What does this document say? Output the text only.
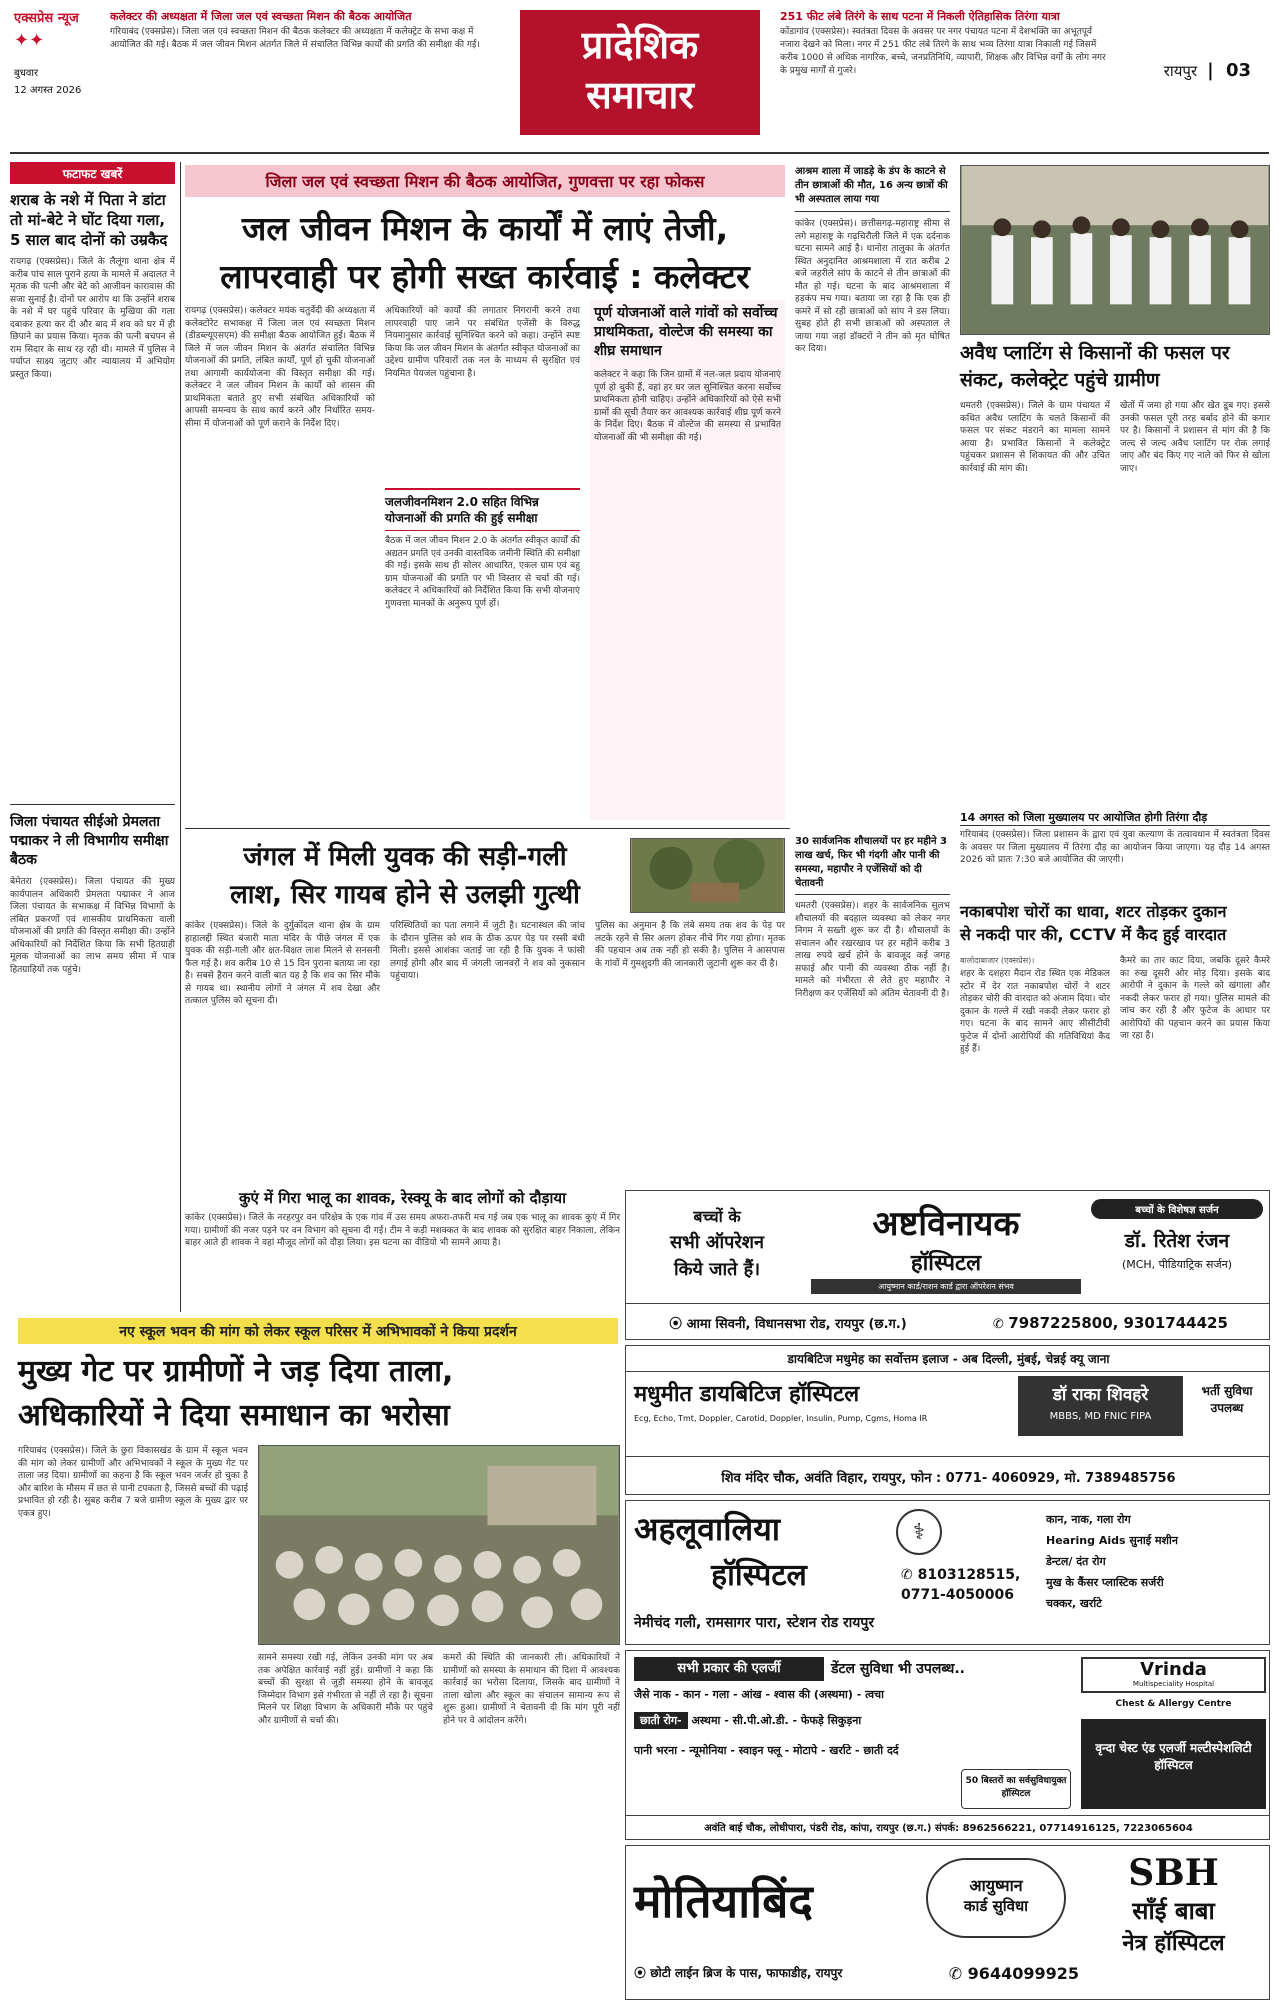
एक्सप्रेस न्यूज
✦✦
बुधवार
12 अगस्त 2026
कलेक्टर की अध्यक्षता में जिला जल एवं स्वच्छता मिशन की बैठक आयोजित
गरियाबंद (एक्सप्रेस)। जिला जल एवं स्वच्छता मिशन की बैठक कलेक्टर की अध्यक्षता में कलेक्ट्रेट के सभा कक्ष में आयोजित की गई। बैठक में जल जीवन मिशन अंतर्गत जिले में संचालित विभिन्न कार्यों की प्रगति की समीक्षा की गई।	प्रादेशिक
समाचार
251 फीट लंबे तिरंगे के साथ पटना में निकली ऐतिहासिक तिरंगा यात्रा
कोंडागांव (एक्सप्रेस)। स्वतंत्रता दिवस के अवसर पर नगर पंचायत पटना में देशभक्ति का अभूतपूर्व नजारा देखने को मिला। नगर में 251 फीट लंबे तिरंगे के साथ भव्य तिरंगा यात्रा निकाली गई जिसमें करीब 1000 से अधिक नागरिक, बच्चे, जनप्रतिनिधि, व्यापारी, शिक्षक और विभिन्न वर्गों के लोग नगर के प्रमुख मार्गों से गुजरे।	रायपुर | 03
फटाफट खबरें
शराब के नशे में पिता ने डांटा तो मां-बेटे ने घोंट दिया गला, 5 साल बाद दोनों को उम्रकैद
रायगढ़ (एक्सप्रेस)। जिले के लैलूंगा थाना क्षेत्र में करीब पांच साल पुराने हत्या के मामले में अदालत ने मृतक की पत्नी और बेटे को आजीवन कारावास की सजा सुनाई है। दोनों पर आरोप था कि उन्होंने शराब के नशे में घर पहुंचे परिवार के मुखिया की गला दबाकर हत्या कर दी और बाद में शव को घर में ही छिपाने का प्रयास किया। मृतक की पत्नी बचपन से राम सिदार के साथ रह रही थी। मामले में पुलिस ने पर्याप्त साक्ष्य जुटाए और न्यायालय में अभियोग प्रस्तुत किया।
जिला पंचायत सीईओ प्रेमलता पद्माकर ने ली विभागीय समीक्षा बैठक
बेमेतरा (एक्सप्रेस)। जिला पंचायत की मुख्य कार्यपालन अधिकारी प्रेमलता पद्माकर ने आज जिला पंचायत के सभाकक्ष में विभिन्न विभागों के लंबित प्रकरणों एवं शासकीय प्राथमिकता वाली योजनाओं की प्रगति की विस्तृत समीक्षा की। उन्होंने अधिकारियों को निर्देशित किया कि सभी हितग्राही मूलक योजनाओं का लाभ समय सीमा में पात्र हितग्राहियों तक पहुंचे।
जिला जल एवं स्वच्छता मिशन की बैठक आयोजित, गुणवत्ता पर रहा फोकस
जल जीवन मिशन के कार्यों में लाएं तेजी,
लापरवाही पर होगी सख्त कार्रवाई : कलेक्टर
रायगढ़ (एक्सप्रेस)। कलेक्टर मयंक चतुर्वेदी की अध्यक्षता में कलेक्टोरेट सभाकक्ष में जिला जल एवं स्वच्छता मिशन (डीडब्ल्यूएसएम) की समीक्षा बैठक आयोजित हुई। बैठक में जिले में जल जीवन मिशन के अंतर्गत संचालित विभिन्न योजनाओं की प्रगति, लंबित कार्यों, पूर्ण हो चुकी योजनाओं तथा आगामी कार्ययोजना की विस्तृत समीक्षा की गई। कलेक्टर ने जल जीवन मिशन के कार्यों को शासन की प्राथमिकता बताते हुए सभी संबंधित अधिकारियों को आपसी समन्वय के साथ कार्य करने और निर्धारित समय-सीमा में योजनाओं को पूर्ण कराने के निर्देश दिए।
अधिकारियों को कार्यों की लगातार निगरानी करने तथा लापरवाही पाए जाने पर संबंधित एजेंसी के विरुद्ध नियमानुसार कार्रवाई सुनिश्चित करने को कहा। उन्होंने स्पष्ट किया कि जल जीवन मिशन के अंतर्गत स्वीकृत योजनाओं का उद्देश्य ग्रामीण परिवारों तक नल के माध्यम से सुरक्षित एवं नियमित पेयजल पहुंचाना है।
जलजीवनमिशन 2.0 सहित विभिन्न योजनाओं की प्रगति की हुई समीक्षा
बैठक में जल जीवन मिशन 2.0 के अंतर्गत स्वीकृत कार्यों की अद्यतन प्रगति एवं उनकी वास्तविक जमीनी स्थिति की समीक्षा की गई। इसके साथ ही सोलर आधारित, एकल ग्राम एवं बहु ग्राम योजनाओं की प्रगति पर भी विस्तार से चर्चा की गई। कलेक्टर ने अधिकारियों को निर्देशित किया कि सभी योजनाएं गुणवत्ता मानकों के अनुरूप पूर्ण हों।
पूर्ण योजनाओं वाले गांवों को सर्वोच्च प्राथमिकता, वोल्टेज की समस्या का शीघ्र समाधान
कलेक्टर ने कहा कि जिन ग्रामों में नल-जल प्रदाय योजनाएं पूर्ण हो चुकी हैं, वहां हर घर जल सुनिश्चित करना सर्वोच्च प्राथमिकता होनी चाहिए। उन्होंने अधिकारियों को ऐसे सभी ग्रामों की सूची तैयार कर आवश्यक कार्रवाई शीघ्र पूर्ण करने के निर्देश दिए। बैठक में वोल्टेज की समस्या से प्रभावित योजनाओं की भी समीक्षा की गई।
आश्रम शाला में जाडड़े के डंप के काटने से तीन छात्राओं की मौत, 16 अन्य छात्रों की भी अस्पताल लाया गया
कांकेर (एक्सप्रेस)। छत्तीसगढ़-महाराष्ट्र सीमा से लगे महाराष्ट्र के गढ़चिरौली जिले में एक दर्दनाक घटना सामने आई है। धानोरा तालुका के अंतर्गत स्थित अनुदानित आश्रमशाला में रात करीब 2 बजे जहरीले सांप के काटने से तीन छात्राओं की मौत हो गई। घटना के बाद आश्रमशाला में हड़कंप मच गया। बताया जा रहा है कि एक ही कमरे में सो रही छात्राओं को सांप ने डस लिया। सुबह होते ही सभी छात्राओं को अस्पताल ले जाया गया जहां डॉक्टरों ने तीन को मृत घोषित कर दिया।	अवैध प्लाटिंग से किसानों की फसल पर संकट, कलेक्ट्रेट पहुंचे ग्रामीण
धमतरी (एक्सप्रेस)। जिले के ग्राम पंचायत में कथित अवैध प्लाटिंग के चलते किसानों की फसल पर संकट मंडराने का मामला सामने आया है। प्रभावित किसानों ने कलेक्ट्रेट पहुंचकर प्रशासन से शिकायत की और उचित कार्रवाई की मांग की।
खेतों में जमा हो गया और खेत डूब गए। इससे उनकी फसल पूरी तरह बर्बाद होने की कगार पर है। किसानों ने प्रशासन से मांग की है कि जल्द से जल्द अवैध प्लाटिंग पर रोक लगाई जाए और बंद किए गए नाले को फिर से खोला जाए।
14 अगस्त को जिला मुख्यालय पर आयोजित होगी तिरंगा दौड़
गरियाबंद (एक्सप्रेस)। जिला प्रशासन के द्वारा एवं युवा कल्याण के तत्वावधान में स्वतंत्रता दिवस के अवसर पर जिला मुख्यालय में तिरंगा दौड़ का आयोजन किया जाएगा। यह दौड़ 14 अगस्त 2026 को प्रातः 7:30 बजे आयोजित की जाएगी।
जंगल में मिली युवक की सड़ी-गली
लाश, सिर गायब होने से उलझी गुत्थी
कांकेर (एक्सप्रेस)। जिले के दुर्गुकोंदल थाना क्षेत्र के ग्राम हाहालद्दी स्थित बंजारी माता मंदिर के पीछे जंगल में एक युवक की सड़ी-गली और क्षत-विक्षत लाश मिलने से सनसनी फैल गई है। शव करीब 10 से 15 दिन पुराना बताया जा रहा है। सबसे हैरान करने वाली बात यह है कि शव का सिर मौके से गायब था। स्थानीय लोगों ने जंगल में शव देखा और तत्काल पुलिस को सूचना दी।
परिस्थितियों का पता लगाने में जुटी है। घटनास्थल की जांच के दौरान पुलिस को शव के ठीक ऊपर पेड़ पर रस्सी बंधी मिली। इससे आशंका जताई जा रही है कि युवक ने फांसी लगाई होगी और बाद में जंगली जानवरों ने शव को नुकसान पहुंचाया।
पुलिस का अनुमान है कि लंबे समय तक शव के पेड़ पर लटके रहने से सिर अलग होकर नीचे गिर गया होगा। मृतक की पहचान अब तक नहीं हो सकी है। पुलिस ने आसपास के गांवों में गुमशुदगी की जानकारी जुटानी शुरू कर दी है।
30 सार्वजनिक शौचालयों पर हर महीने 3 लाख खर्च, फिर भी गंदगी और पानी की समस्या, महापौर ने एजेंसियों को दी चेतावनी
धमतरी (एक्सप्रेस)। शहर के सार्वजनिक सुलभ शौचालयों की बदहाल व्यवस्था को लेकर नगर निगम ने सख्ती शुरू कर दी है। शौचालयों के संचालन और रखरखाव पर हर महीने करीब 3 लाख रुपये खर्च होने के बावजूद कई जगह सफाई और पानी की व्यवस्था ठीक नहीं है। मामले को गंभीरता से लेते हुए महापौर ने निरीक्षण कर एजेंसियों को अंतिम चेतावनी दी है।
नकाबपोश चोरों का धावा, शटर तोड़कर दुकान
से नकदी पार की, CCTV में कैद हुई वारदात
बालोदाबाजार (एक्सप्रेस)।
शहर के दशहरा मैदान रोड स्थित एक मेडिकल स्टोर में देर रात नकाबपोश चोरों ने शटर तोड़कर चोरी की वारदात को अंजाम दिया। चोर दुकान के गल्ले में रखी नकदी लेकर फरार हो गए। घटना के बाद सामने आए सीसीटीवी फुटेज में दोनों आरोपियों की गतिविधियां कैद हुई हैं।
कैमरे का तार काट दिया, जबकि दूसरे कैमरे का रुख दूसरी ओर मोड़ दिया। इसके बाद आरोपी ने दुकान के गल्ले को खंगाला और नकदी लेकर फरार हो गया। पुलिस मामले की जांच कर रही है और फुटेज के आधार पर आरोपियों की पहचान करने का प्रयास किया जा रहा है।
कुएं में गिरा भालू का शावक, रेस्क्यू के बाद लोगों को दौड़ाया
कांकेर (एक्सप्रेस)। जिले के नरहरपुर वन परिक्षेत्र के एक गांव में उस समय अफरा-तफरी मच गई जब एक भालू का शावक कुएं में गिर गया। ग्रामीणों की नजर पड़ने पर वन विभाग को सूचना दी गई। टीम ने कड़ी मशक्कत के बाद शावक को सुरक्षित बाहर निकाला, लेकिन बाहर आते ही शावक ने वहां मौजूद लोगों को दौड़ा लिया। इस घटना का वीडियो भी सामने आया है।
बच्चों के
सभी ऑपरेशन
किये जाते हैं।
अष्टविनायक
हॉस्पिटल
आयुष्मान कार्ड/राशन कार्ड द्वारा ऑपरेशन संभव
बच्चों के विशेषज्ञ सर्जन
डॉ. रितेश रंजन
(MCH, पीडियाट्रिक सर्जन)
⦿ आमा सिवनी, विधानसभा रोड, रायपुर (छ.ग.)	✆ 7987225800, 9301744425
नए स्कूल भवन की मांग को लेकर स्कूल परिसर में अभिभावकों ने किया प्रदर्शन
मुख्य गेट पर ग्रामीणों ने जड़ दिया ताला,
अधिकारियों ने दिया समाधान का भरोसा
गरियाबंद (एक्सप्रेस)। जिले के छुरा विकासखंड के ग्राम में स्कूल भवन की मांग को लेकर ग्रामीणों और अभिभावकों ने स्कूल के मुख्य गेट पर ताला जड़ दिया। ग्रामीणों का कहना है कि स्कूल भवन जर्जर हो चुका है और बारिश के मौसम में छत से पानी टपकता है, जिससे बच्चों की पढ़ाई प्रभावित हो रही है। सुबह करीब 7 बजे ग्रामीण स्कूल के मुख्य द्वार पर एकत्र हुए।
सामने समस्या रखी गई, लेकिन उनकी मांग पर अब तक अपेक्षित कार्रवाई नहीं हुई। ग्रामीणों ने कहा कि बच्चों की सुरक्षा से जुड़ी समस्या होने के बावजूद जिम्मेदार विभाग इसे गंभीरता से नहीं ले रहा है। सूचना मिलने पर शिक्षा विभाग के अधिकारी मौके पर पहुंचे और ग्रामीणों से चर्चा की।
कमरों की स्थिति की जानकारी ली। अधिकारियों ने ग्रामीणों को समस्या के समाधान की दिशा में आवश्यक कार्रवाई का भरोसा दिलाया, जिसके बाद ग्रामीणों ने ताला खोला और स्कूल का संचालन सामान्य रूप से शुरू हुआ। ग्रामीणों ने चेतावनी दी कि मांग पूरी नहीं होने पर वे आंदोलन करेंगे।
डायबिटिज मधुमेह का सर्वोत्तम इलाज - अब दिल्ली, मुंबई, चेन्नई क्यू जाना
मधुमीत डायबिटिज हॉस्पिटल
Ecg, Echo, Tmt, Doppler, Carotid, Doppler, Insulin, Pump, Cgms, Homa IR
डॉ राका शिवहरे
MBBS, MD FNIC FIPA
भर्ती सुविधा उपलब्ध
शिव मंदिर चौक, अवंति विहार, रायपुर, फोन : 0771- 4060929, मो. 7389485756
अहलूवालिया
हॉस्पिटल
⚕
✆ 8103128515,
0771-4050006
कान, नाक, गला रोग
Hearing Aids सुनाई मशीन
डेन्टल/ दंत रोग
मुख के कैंसर प्लास्टिक सर्जरी
चक्कर, खर्राटे
नेमीचंद गली, रामसागर पारा, स्टेशन रोड रायपुर
सभी प्रकार की एलर्जी	डेंटल सुविधा भी उपलब्ध..
जैसे नाक - कान - गला - आंख - श्वास की (अस्थमा) - त्वचा
छाती रोग- अस्थमा - सी.पी.ओ.डी. - फेफड़े सिकुड़ना
पानी भरना - न्यूमोनिया - स्वाइन फ्लू - मोटापे - खर्राटे - छाती दर्द
Vrinda
Multispeciality Hospital
Chest & Allergy Centre
50 बिस्तरों का सर्वसुविधायुक्त हॉस्पिटल
वृन्दा चेस्ट एंड एलर्जी मल्टीस्पेशलिटी हॉस्पिटल
अवंति बाई चौक, लोधीपारा, पंडरी रोड, कांपा, रायपुर (छ.ग.) संपर्क: 8962566221, 07714916125, 7223065604
मोतियाबिंद	आयुष्मान
कार्ड सुविधा
SBH
साँई बाबा
नेत्र हॉस्पिटल
⦿ छोटी लाईन ब्रिज के पास, फाफाडीह, रायपुर	✆ 9644099925
